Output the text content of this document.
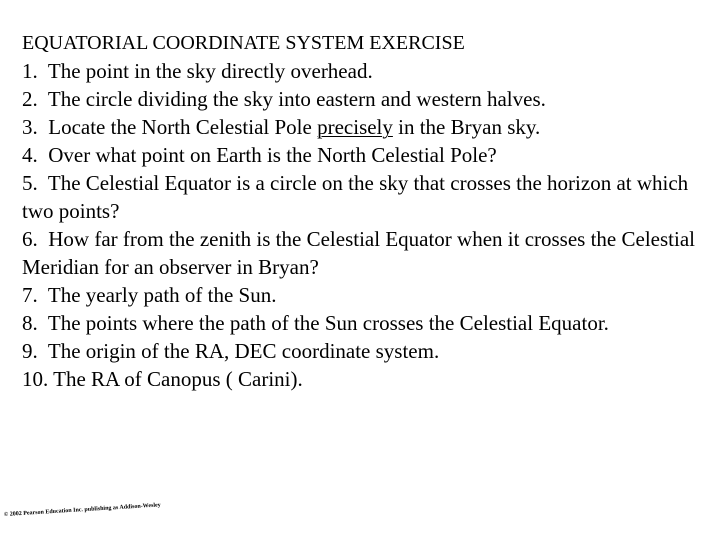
EQUATORIAL COORDINATE SYSTEM EXERCISE
1. The point in the sky directly overhead.
2. The circle dividing the sky into eastern and western halves.
3. Locate the North Celestial Pole precisely in the Bryan sky.
4. Over what point on Earth is the North Celestial Pole?
5. The Celestial Equator is a circle on the sky that crosses the horizon at which two points?
6. How far from the zenith is the Celestial Equator when it crosses the Celestial Meridian for an observer in Bryan?
7. The yearly path of the Sun.
8. The points where the path of the Sun crosses the Celestial Equator.
9. The origin of the RA, DEC coordinate system.
10. The RA of Canopus ( Carini).
© 2002 Pearson Education Inc. publishing as Addison-Wesley
